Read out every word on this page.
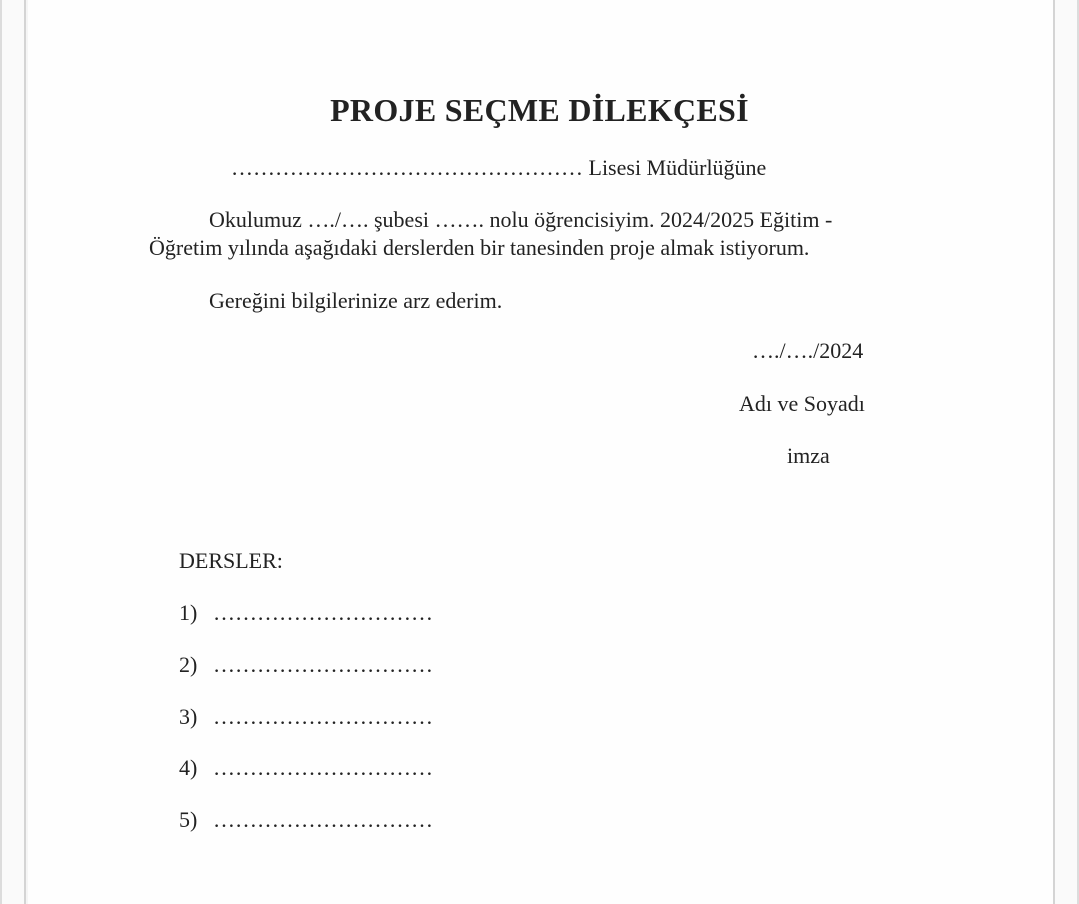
PROJE SEÇME DİLEKÇESİ
………………………………………… Lisesi Müdürlüğüne
Okulumuz …./…. şubesi ……. nolu öğrencisiyim. 2024/2025 Eğitim -
Öğretim yılında aşağıdaki derslerden bir tanesinden proje almak istiyorum.
Gereğini bilgilerinize arz ederim.
…./…./2024
Adı ve Soyadı
imza
DERSLER:
1) …………………………
2) …………………………
3) …………………………
4) …………………………
5) …………………………
